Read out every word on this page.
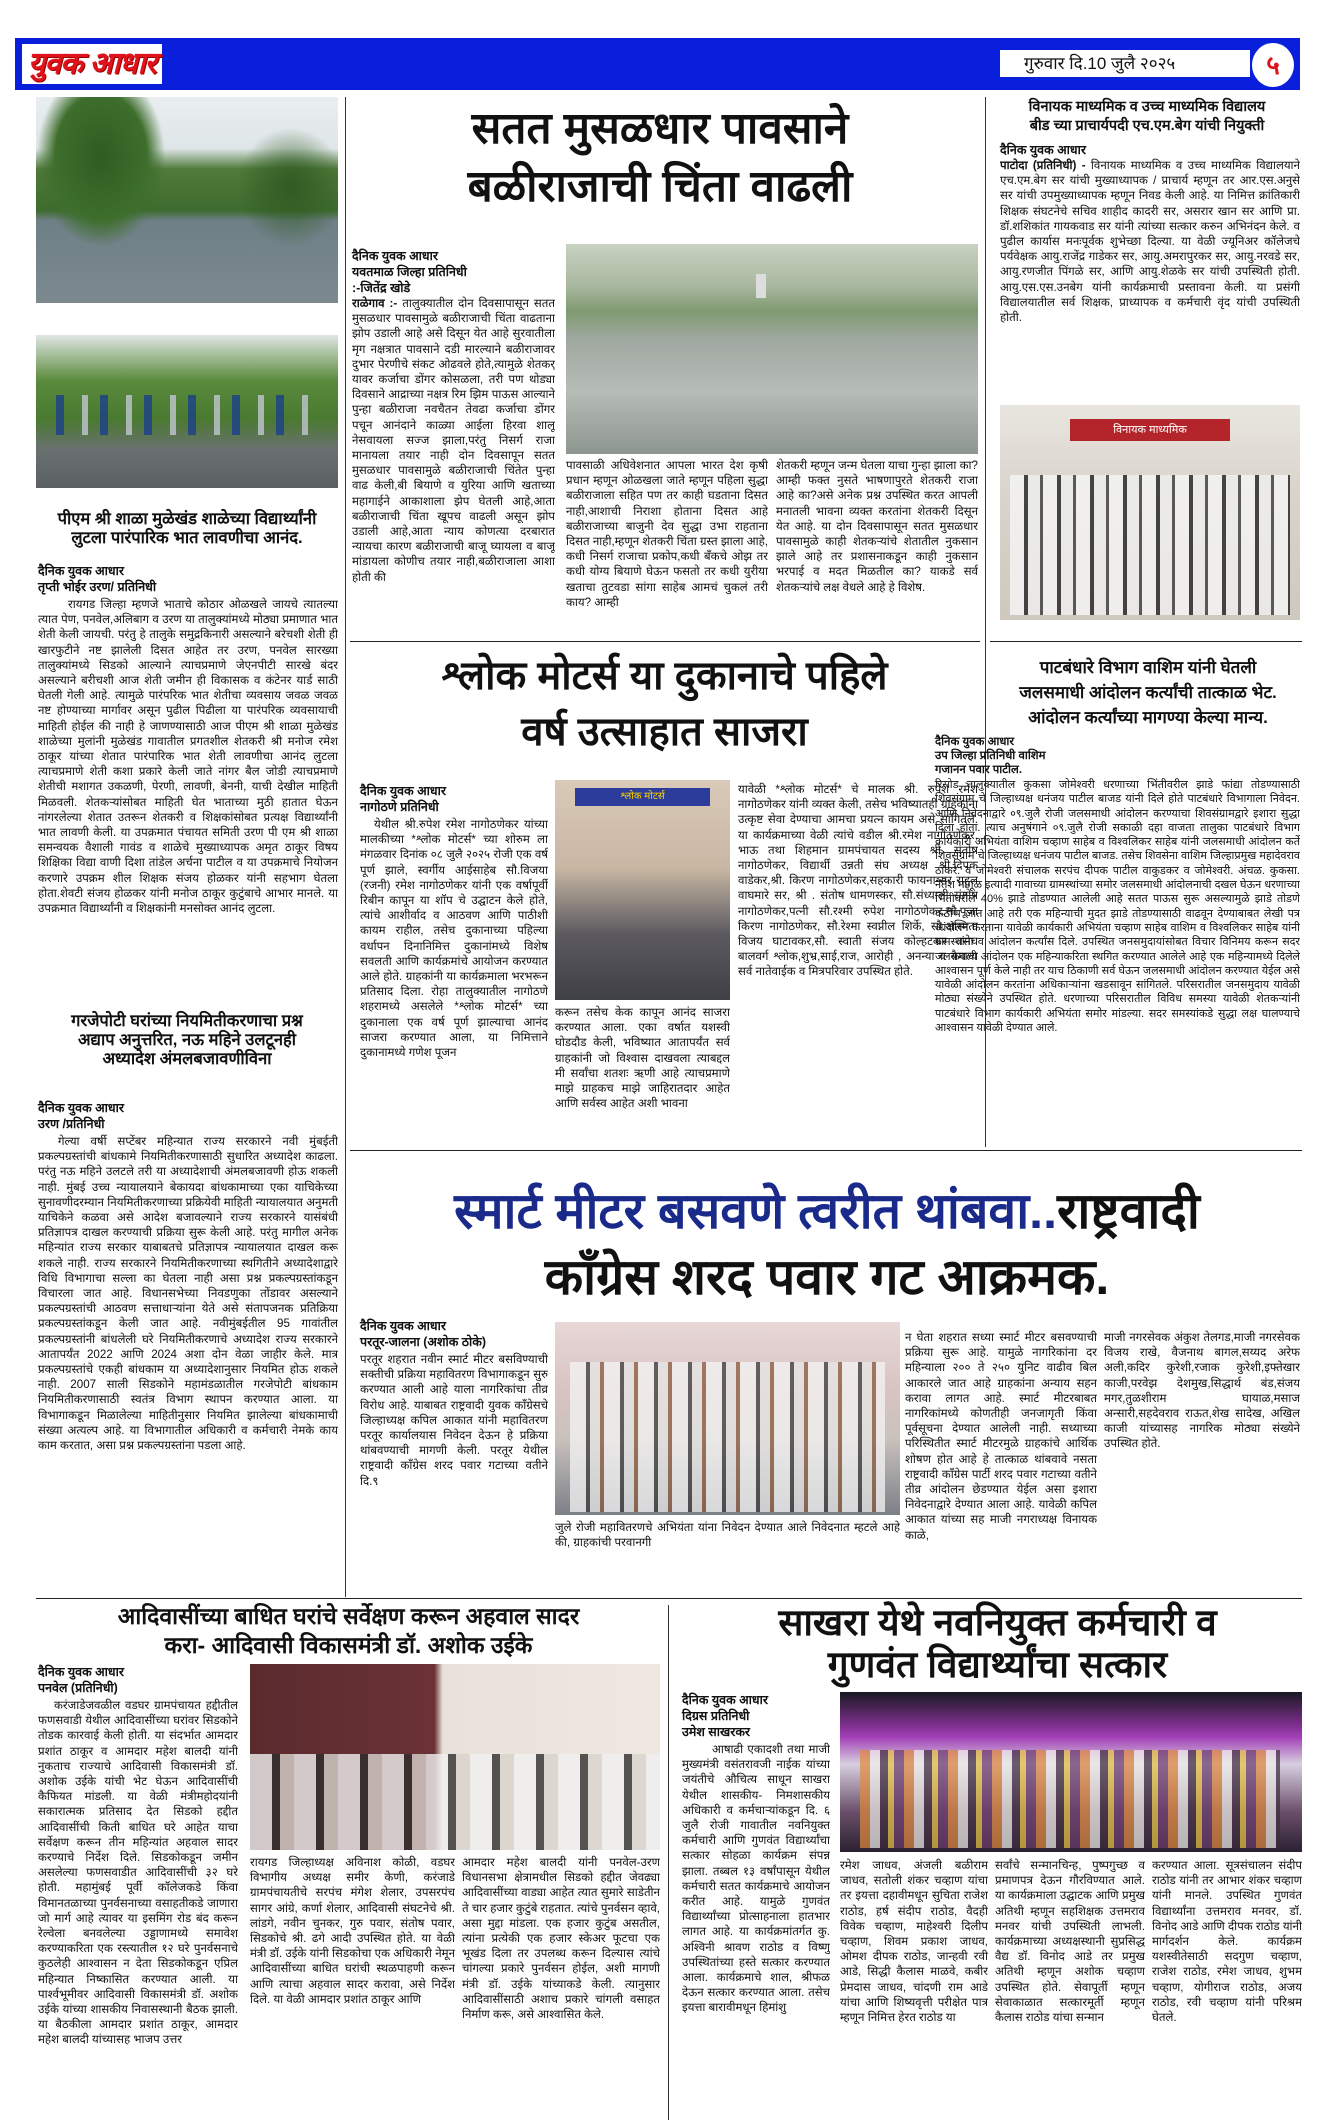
युवक आधार	गुरुवार दि.10 जुलै २०२५	५
पीएम श्री शाळा मुळेखंड शाळेच्या विद्यार्थ्यांनी
लुटला पारंपारिक भात लावणीचा आनंद.
दैनिक युवक आधार
तृप्ती भोईर उरण/ प्रतिनिधी
रायगड जिल्हा म्हणजे भाताचे कोठार ओळखले जायचे त्यातल्या त्यात पेण, पनवेल,अलिबाग व उरण या तालुक्यांमध्ये मोठ्या प्रमाणात भात शेती केली जायची. परंतु हे तालुके समुद्रकिनारी असल्याने बरेचशी शेती ही खारफुटीने नष्ट झालेली दिसत आहेत तर उरण, पनवेल सारख्या तालुक्यांमध्ये सिडको आल्याने त्याचप्रमाणे जेएनपीटी सारखे बंदर असल्याने बरीचशी आज शेती जमीन ही विकासक व कंटेनर यार्ड साठी घेतली गेली आहे. त्यामुळे पारंपरिक भात शेतीचा व्यवसाय जवळ जवळ नष्ट होण्याच्या मार्गावर असून पुढील पिढीला या पारंपरिक व्यवसायाची माहिती होईल की नाही हे जाणण्यासाठी आज पीएम श्री शाळा मुळेखंड शाळेच्या मुलांनी मुळेखंड गावातील प्रगतशील शेतकरी श्री मनोज रमेश ठाकूर यांच्या शेतात पारंपारिक भात शेती लावणीचा आनंद लुटला त्याचप्रमाणे शेती कशा प्रकारे केली जाते नांगर बैल जोडी त्याचप्रमाणे शेतीची मशागत उकळणी, पेरणी, लावणी, बेननी, याची देखील माहिती मिळवली. शेतकऱ्यांसोबत माहिती घेत भाताच्या मुठी हातात घेऊन नांगरलेल्या शेतात उतरून शेतकरी व शिक्षकांसोबत प्रत्यक्ष विद्यार्थ्यांनी भात लावणी केली. या उपक्रमात पंचायत समिती उरण पी एम श्री शाळा समन्वयक वैशाली गावंड व शाळेचे मुख्याध्यापक अमृत ठाकूर विषय शिक्षिका विद्या वाणी दिशा तांडेल अर्चना पाटील व या उपक्रमाचे नियोजन करणारे उपक्रम शील शिक्षक संजय होळकर यांनी सहभाग घेतला होता.शेवटी संजय होळकर यांनी मनोज ठाकूर कुटुंबाचे आभार मानले. या उपक्रमात विद्यार्थ्यांनी व शिक्षकांनी मनसोक्त आनंद लुटला.
गरजेपोटी घरांच्या नियमितीकरणाचा प्रश्न
अद्याप अनुत्तरित, नऊ महिने उलटूनही
अध्यादेश अंमलबजावणीविना
दैनिक युवक आधार
उरण /प्रतिनिधी
गेल्या वर्षी सप्टेंबर महिन्यात राज्य सरकारने नवी मुंबईती प्रकल्पग्रस्तांची बांधकामे नियमितीकरणासाठी सुधारित अध्यादेश काढला. परंतु नऊ महिने उलटले तरी या अध्यादेशाची अंमलबजावणी होऊ शकली नाही. मुंबई उच्च न्यायालयाने बेकायदा बांधकामाच्या एका याचिकेच्या सुनावणीदरम्यान नियमितीकरणाच्या प्रक्रियेवी माहिती न्यायालयात अनुमती याचिकेने कळवा असे आदेश बजावल्याने राज्य सरकारने यासंबंधी प्रतिज्ञापत्र दाखल करण्याची प्रक्रिया सुरू केली आहे. परंतु मागील अनेक महिन्यांत राज्य सरकार याबाबतचे प्रतिज्ञापत्र न्यायालयात दाखल करू शकले नाही. राज्य सरकारने नियमितीकरणाच्या स्थगितीने अध्यादेशाद्वारे विधि विभागाचा सल्ला का घेतला नाही असा प्रश्न प्रकल्पग्रस्तांकडून विचारला जात आहे. विधानसभेच्या निवडणुका तोंडावर असल्याने प्रकल्पग्रस्तांची आठवण सत्ताधाऱ्यांना येते असे संतापजनक प्रतिक्रिया प्रकल्पग्रस्तांकडून केली जात आहे. नवीमुंबईतील 95 गावांतील प्रकल्पग्रस्तांनी बांधलेली घरे नियमितीकरणाचे अध्यादेश राज्य सरकारने आतापर्यंत 2022 आणि 2024 अशा दोन वेळा जाहीर केले. मात्र प्रकल्पग्रस्तांचे एकही बांधकाम या अध्यादेशानुसार नियमित होऊ शकले नाही. 2007 साली सिडकोने महामंडळातील गरजेपोटी बांधकाम नियमितीकरणासाठी स्वतंत्र विभाग स्थापन करण्यात आला. या विभागाकडून मिळालेल्या माहितीनुसार नियमित झालेल्या बांधकामाची संख्या अत्यल्प आहे. या विभागातील अधिकारी व कर्मचारी नेमके काय काम करतात, असा प्रश्न प्रकल्पग्रस्तांना पडला आहे.
सतत मुसळधार पावसाने
बळीराजाची चिंता वाढली
दैनिक युवक आधार
यवतमाळ जिल्हा प्रतिनिधी
:-जितेंद्र खोडे
राळेगाव :- तालुक्यातील दोन दिवसापासून सतत मुसळधार पावसामुळे बळीराजाची चिंता वाढताना झोप उडाली आहे असे दिसून येत आहे सुरवातीला मृग नक्षत्रात पावसाने दडी मारल्याने बळीराजावर दुभार पेरणीचे संकट ओढवले होते,त्यामुळे शेतकर् यावर कर्जाचा डोंगर कोसळला, तरी पण थोड्या दिवसाने आद्राच्या नक्षत्र रिम झिम पाऊस आल्याने पुन्हा बळीराजा नवचैतन तेवढा कर्जाचा डोंगर पचून आनंदाने काळ्या आईला हिरवा शालू नेसवायला सज्ज झाला,परंतु निसर्ग राजा मानायला तयार नाही दोन दिवसापून सतत मुसळधार पावसामुळे बळीराजाची चिंतेत पुन्हा वाढ केली,बी बियाणे व युरिया आणि खताच्या महागाईने आकाशाला झेप घेतली आहे,आता बळीराजाची चिंता खूपच वाढली असून झोप उडाली आहे,आता न्याय कोणत्या दरबारात न्यायचा कारण बळीराजाची बाजू घ्यायला व बाजू मांडायला कोणीच तयार नाही,बळीराजाला आशा होती की
पावसाळी अधिवेशनात आपला भारत देश कृषी प्रधान म्हणून ओळखला जाते म्हणून पहिला सुद्धा बळीराजाला सहित पण तर काही घडताना दिसत नाही,आशाची निराशा होताना दिसत आहे बळीराजाच्या बाजुनी देव सुद्धा उभा राहताना दिसत नाही,म्हणून शेतकरी चिंता ग्रस्त झाला आहे, कधी निसर्ग राजाचा प्रकोप,कधी बँकचे ओझ तर कधी योग्य बियाणे घेऊन फसतो तर कधी युरीया खताचा तुटवडा सांगा साहेब आमचं चुकलं तरी काय? आम्ही
शेतकरी म्हणून जन्म घेतला याचा गुन्हा झाला का? आम्ही फक्त नुसते भाषणापुरते शेतकरी राजा आहे का?असे अनेक प्रश्न उपस्थित करत आपली मनातली भावना व्यक्त करतांना शेतकरी दिसून येत आहे. या दोन दिवसापासून सतत मुसळधार पावसामुळे काही शेतकऱ्यांचे शेतातील नुकसान झाले आहे तर प्रशासनाकडून काही नुकसान भरपाई व मदत मिळतील का? याकडे सर्व शेतकऱ्यांचे लक्ष वेधले आहे हे विशेष.
विनायक माध्यमिक व उच्च माध्यमिक विद्यालय
बीड च्या प्राचार्यपदी एच.एम.बेग यांची नियुक्ती
दैनिक युवक आधार
पाटोदा (प्रतिनिधी) - विनायक माध्यमिक व उच्च माध्यमिक विद्यालयाने एच.एम.बेग सर यांची मुख्याध्यापक / प्राचार्य म्हणून तर आर.एस.अनुसे सर यांची उपमुख्याध्यापक म्हणून निवड केली आहे. या निमित्त क्रांतिकारी शिक्षक संघटनेचे सचिव शाहीद कादरी सर, असरार खान सर आणि प्रा. डॉ.शशिकांत गायकवाड सर यांनी त्यांच्या सत्कार करुन अभिनंदन केले. व पुढील कार्यास मनःपूर्वक शुभेच्छा दिल्या. या वेळी ज्यूनिअर कॉलेजचे पर्यवेक्षक आयु.राजेंद्र गाडेकर सर, आयु.अमरापुरकर सर, आयु.नरवडे सर, आयु.रणजीत पिंगळे सर, आणि आयु.शेळके सर यांची उपस्थिती होती. आयु.एस.एस.उनबेग यांनी कार्यक्रमाची प्रस्तावना केली. या प्रसंगी विद्यालयातील सर्व शिक्षक, प्राध्यापक व कर्मचारी वृंद यांची उपस्थिती होती.
विनायक माध्यमिक
श्लोक मोटर्स या दुकानाचे पहिले
वर्ष उत्साहात साजरा
दैनिक युवक आधार
नागोठणे प्रतिनिधी
येथील श्री.रुपेश रमेश नागोठणेकर यांच्या मालकीच्या *श्लोक मोटर्स* च्या शोरुम ला मंगळवार दिनांक ०८ जुलै २०२५ रोजी एक वर्ष पूर्ण झाले, स्वर्गीय आईसाहेब सौ.विजया (रजनी) रमेश नागोठणेकर यांनी एक वर्षापूर्वी रिबीन कापून या शॉप चे उद्घाटन केले होते, त्यांचे आशीर्वाद व आठवण आणि पाठीशी कायम राहील, तसेच दुकानाच्या पहिल्या वर्धापन दिनानिमित्त दुकानांमध्ये विशेष सवलती आणि कार्यक्रमांचे आयोजन करण्यात आले होते. ग्राहकांनी या कार्यक्रमाला भरभरून प्रतिसाद दिला. रोहा तालुक्यातील नागोठणे शहरामध्ये असलेले *श्लोक मोटर्स* च्या दुकानाला एक वर्ष पूर्ण झाल्याचा आनंद साजरा करण्यात आला, या निमित्ताने दुकानामध्ये गणेश पूजन
श्लोक मोटर्स
करून तसेच केक कापून आनंद साजरा करण्यात आला. एका वर्षात यशस्वी घोडदौड केली, भविष्यात आतापर्यंत सर्व ग्राहकांनी जो विश्वास दाखवला त्याबद्दल मी सर्वांचा शतशः ऋणी आहे त्याचप्रमाणे माझे ग्राहकच माझे जाहिरातदार आहेत आणि सर्वस्व आहेत अशी भावना
यावेळी *श्लोक मोटर्स* चे मालक श्री. रुपेश रमेश नागोठणेकर यांनी व्यक्त केली, तसेच भविष्यातही ग्राहकांना उत्कृष्ट सेवा देण्याचा आमचा प्रयत्न कायम असे सांगितले. या कार्यक्रमाच्या वेळी त्यांचे वडील श्री.रमेश नागोठणेकर, भाऊ तथा शिहमान ग्रामपंचायत सदस्य श्री. संतोष नागोठणेकर, विद्यार्थी उन्नती संघ अध्यक्ष श्री.दिपक वाडेकर,श्री. किरण नागोठणेकर,सहकारी फायनान्सर राहुल वाघमारे सर, श्री . संतोष धामणस्कर, सौ.संध्याली संतोष नागोठणेकर,पत्नी सौ.रश्मी रुपेश नागोठणेकर,सौ.पूजा किरण नागोठणेकर, सौ.रेश्मा स्वप्नील शिर्के, सौ.अस्मिता विजय घाटावकर,सौ. स्वाती संजय कोल्हटकर तसेच बालवर्ग श्लोक,शुभ्र,साई,राज, आरोही , अनन्या व कैवल्य सर्व नातेवाईक व मित्रपरिवार उपस्थित होते.
पाटबंधारे विभाग वाशिम यांनी घेतली
जलसमाधी आंदोलन कर्त्यांची तात्काळ भेट.
आंदोलन कर्त्यांच्या मागण्या केल्या मान्य.
दैनिक युवक आधार
उप जिल्हा प्रतिनिधी वाशिम
गजानन पवार पाटील.
रिसोड तालुक्यातील कुकसा जोमेश्वरी धरणाच्या भिंतीवरील झाडे फांद्या तोडण्यासाठी शिवसंग्राम चे जिल्हाध्यक्ष धनंजय पाटील बाजड यांनी दिले होते पाटबंधारे विभागाला निवेदन. आणि निवेदनाद्वारे ०९.जुलै रोजी जलसमाधी आंदोलन करण्याचा शिवसंग्रामद्वारे इशारा सुद्धा दिला होता. त्याच अनुषंगाने ०९.जुलै रोजी सकाळी दहा वाजता तालुका पाटबंधारे विभाग कार्यकारी अभियंता वाशिम चव्हाण साहेब व विश्वलिकर साहेब यांनी जलसमाधी आंदोलन कर्ते शिवसंग्राम चे जिल्हाध्यक्ष धनंजय पाटील बाजड. तसेच शिवसेना वाशिम जिल्हाप्रमुख महादेवराव ठाकरे. व जोमेश्वरी संचालक सरपंच दीपक पाटील वाकुडकर व जोमेश्वरी. अंचळ. कुकसा. नेतेश मांगूळ इत्यादी गावाच्या ग्रामस्थांच्या समोर जलसमाधी आंदोलनाची दखल घेऊन धरणाच्या भिंतीवरील 40% झाडे तोडण्यात आलेली आहे सतत पाऊस सुरू असल्यामुळे झाडे तोडणे कठीण जात आहे तरी एक महिन्याची मुदत झाडे तोडण्यासाठी वाढवून देण्याबाबत लेखी पत्र आंदोलन करताना यावेळी कार्यकारी अभियंता चव्हाण साहेब वाशिम व विश्वलिकर साहेब यांनी ग्रामस्थांना व आंदोलन कर्त्यांस दिले. उपस्थित जनसमुदायांसोबत विचार विनिमय करून सदर जलसमाधी आंदोलन एक महिन्याकरिता स्थगित करण्यात आलेले आहे एक महिन्यामध्ये दिलेले आश्वासन पूर्ण केले नाही तर याच ठिकाणी सर्व घेऊन जलसमाधी आंदोलन करण्यात येईल असे यावेळी आंदोलन करतांना अधिकाऱ्यांना खडसावून सांगितले. परिसरातील जनसमुदाय यावेळी मोठ्या संख्येने उपस्थित होते. धरणाच्या परिसरातील विविध समस्या यावेळी शेतकऱ्यांनी पाटबंधारे विभाग कार्यकारी अभियंता समोर मांडल्या. सदर समस्यांकडे सुद्धा लक्ष घालण्याचे आश्वासन यावेळी देण्यात आले.
स्मार्ट मीटर बसवणे त्वरीत थांबवा..राष्ट्रवादी
काँग्रेस शरद पवार गट आक्रमक.
दैनिक युवक आधार
परतूर-जालना (अशोक ठोके)
परतूर शहरात नवीन स्मार्ट मीटर बसविण्याची सक्तीची प्रक्रिया महावितरण विभागाकडून सुरु करण्यात आली आहे याला नागरिकांचा तीव्र विरोध आहे. याबाबत राष्ट्रवादी युवक काँग्रेसचे जिल्हाध्यक्ष कपिल आकात यांनी महावितरण परतूर कार्यालयास निवेदन देऊन हे प्रक्रिया थांबवण्याची मागणी केली. परतूर येथील राष्ट्रवादी काँग्रेस शरद पवार गटाच्या वतीने दि.९
जुले रोजी महावितरणचे अभियंता यांना निवेदन देण्यात आले निवेदनात म्हटले आहे की, ग्राहकांची परवानगी
न घेता शहरात सध्या स्मार्ट मीटर बसवण्याची प्रक्रिया सुरू आहे. यामुळे नागरिकांना दर महिन्याला २०० ते २५० युनिट वाढीव बिल आकारले जात आहे ग्राहकांना अन्याय सहन करावा लागत आहे. स्मार्ट मीटरबाबत नागरिकांमध्ये कोणतीही जनजागृती किंवा पूर्वसूचना देण्यात आलेली नाही. सध्याच्या परिस्थितीत स्मार्ट मीटरमुळे ग्राहकांचे आर्थिक शोषण होत आहे हे तात्काळ थांबवावे नसता राष्ट्रवादी काँग्रेस पार्टी शरद पवार गटाच्या वतीने तीव्र आंदोलन छेडण्यात येईल असा इशारा निवेदनाद्वारे देण्यात आला आहे. यावेळी कपिल आकात यांच्या सह माजी नगराध्यक्ष विनायक काळे,
माजी नगरसेवक अंकुश तेलगड,माजी नगरसेवक विजय राखे, वैजनाथ बागल,सय्यद अरेफ अली,कदिर कुरेशी,रजाक कुरेशी,इफ्तेखार काजी,परवेझ देशमुख,सिद्धार्थ बंड,संजय मगर,तुळशीराम घायाळ,मसाज अन्सारी,सहदेवराव राऊत,शेख सादेख, अखिल काजी यांच्यासह नागरिक मोठ्या संख्येने उपस्थित होते.
आदिवासींच्या बाधित घरांचे सर्वेक्षण करून अहवाल सादर
करा- आदिवासी विकासमंत्री डॉ. अशोक उईके
दैनिक युवक आधार
पनवेल (प्रतिनिधी)
करंजाडेजवळील वडघर ग्रामपंचायत हद्दीतील फणसवाडी येथील आदिवासींच्या घरांवर सिडकोने तोडक कारवाई केली होती. या संदर्भात आमदार प्रशांत ठाकूर व आमदार महेश बालदी यांनी नुकताच राज्याचे आदिवासी विकासमंत्री डॉ. अशोक उईके यांची भेट घेऊन आदिवासींची कैफियत मांडली. या वेळी मंत्रीमहोदयांनी सकारात्मक प्रतिसाद देत सिडको हद्दीत आदिवासींची किती बाधित घरे आहेत याचा सर्वेक्षण करून तीन महिन्यांत अहवाल सादर करण्याचे निर्देश दिले. सिडकोकडून जमीन असलेल्या फणसवाडीत आदिवासींची ३२ घरे होती. महामुंबई पूर्वी कॉलेजकडे किंवा विमानतळाच्या पुनर्वसनाच्या वसाहतीकडे जाणारा जो मार्ग आहे त्यावर या इसमिंग रोड बंद करून रेल्वेला बनवलेल्या उड्डाणामध्ये समावेश करण्याकरिता एक रस्त्यातील १२ घरे पुनर्वसनाचे कुठलेही आश्वासन न देता सिडकोकडून एप्रिल महिन्यात निष्कासित करण्यात आली. या पार्श्वभूमीवर आदिवासी विकासमंत्री डॉ. अशोक उईके यांच्या शासकीय निवासस्थानी बैठक झाली. या बैठकीला आमदार प्रशांत ठाकूर, आमदार महेश बालदी यांच्यासह भाजप उत्तर
रायगड जिल्हाध्यक्ष अविनाश कोळी, वडघर विभागीय अध्यक्ष समीर केणी, करंजाडे ग्रामपंचायतीचे सरपंच मंगेश शेलार, उपसरपंच सागर आंग्रे, कर्णा शेलार, आदिवासी संघटनेचे श्री. लांडगे, नवीन चुनकर, गुरु पवार, संतोष पवार, सिडकोचे श्री. ढगे आदी उपस्थित होते. या वेळी मंत्री डॉ. उईके यांनी सिडकोचा एक अधिकारी नेमून आदिवासींच्या बाधित घरांची स्थळपाहणी करून आणि त्याचा अहवाल सादर करावा, असे निर्देश दिले. या वेळी आमदार प्रशांत ठाकूर आणि
आमदार महेश बालदी यांनी पनवेल-उरण विधानसभा क्षेत्रामधील सिडको हद्दीत जेवढ्या आदिवासींच्या वाड्या आहेत त्यात सुमारे साडेतीन ते चार हजार कुटुंबे राहतात. त्यांचे पुनर्वसन व्हावे, असा मुद्दा मांडला. एक हजार कुटुंब असतील, त्यांना प्रत्येकी एक हजार स्केअर फूटचा एक भूखंड दिला तर उपलब्ध करून दिल्यास त्यांचे चांगल्या प्रकारे पुनर्वसन होईल, अशी मागणी मंत्री डॉ. उईके यांच्याकडे केली. त्यानुसार आदिवासींसाठी अशाच प्रकारे चांगली वसाहत निर्माण करू, असे आश्वासित केले.
साखरा येथे नवनियुक्त कर्मचारी व
गुणवंत विद्यार्थ्यांचा सत्कार
दैनिक युवक आधार
दिग्रस प्रतिनिधी
उमेश साखरकर
आषाढी एकादशी तथा माजी मुख्यमंत्री वसंतरावजी नाईक यांच्या जयंतीचे औचित्य साधून साखरा येथील शासकीय- निमशासकीय अधिकारी व कर्मचाऱ्यांकडून दि. ६ जुलै रोजी गावातील नवनियुक्त कर्मचारी आणि गुणवंत विद्यार्थ्यांचा सत्कार सोहळा कार्यक्रम संपन्न झाला. तब्बल १३ वर्षांपासून येथील कर्मचारी सतत कार्यक्रमाचे आयोजन करीत आहे. यामुळे गुणवंत विद्यार्थ्यांच्या प्रोत्साहनाला हातभार लागत आहे. या कार्यक्रमांतर्गत कु. अश्विनी श्रावण राठोड व विष्णु उपस्थितांच्या हस्ते सत्कार करण्यात आला. कार्यक्रमाचे शाल, श्रीफळ देऊन सत्कार करण्यात आला. तसेच इयत्ता बारावीमधून हिमांशु
रमेश जाधव, अंजली बळीराम जाधव, सतोली शंकर चव्हाण यांचा तर इयत्ता दहावीमधून सुचिता राजेश राठोड, हर्ष संदीप राठोड, वैदही विवेक चव्हाण, माहेश्वरी दिलीप चव्हाण, शिवम प्रकाश जाधव, ओमश दीपक राठोड, जान्हवी रवी आडे, सिद्धी कैलास माळवे, कबीर प्रेमदास जाधव, चांदणी राम आडे यांचा आणि शिष्यवृत्ती परीक्षेत पात्र म्हणून निमित्त हेरत राठोड या
सर्वांचे सन्मानचिन्ह, पुष्पगुच्छ व प्रमाणपत्र देऊन गौरविण्यात आले. या कार्यक्रमाला उद्घाटक आणि प्रमुख अतिथी म्हणून सहशिक्षक उत्तमराव मनवर यांची उपस्थिती लाभली. कार्यक्रमाच्या अध्यक्षस्थानी सुप्रसिद्ध वैद्य डॉ. विनोद आडे तर प्रमुख अतिथी म्हणून अशोक चव्हाण उपस्थित होते. सेवापूर्ती म्हणून सेवाकाळात सत्कारमूर्ती म्हणून कैलास राठोड यांचा सन्मान
करण्यात आला. सूत्रसंचालन संदीप राठोड यांनी तर आभार शंकर चव्हाण यांनी मानले. उपस्थित गुणवंत विद्यार्थ्यांना उत्तमराव मनवर, डॉ. विनोद आडे आणि दीपक राठोड यांनी मार्गदर्शन केले. कार्यक्रम यशस्वीतेसाठी सदगुण चव्हाण, राजेश राठोड, रमेश जाधव, शुभम चव्हाण, योगीराज राठोड, अजय राठोड, रवी चव्हाण यांनी परिश्रम घेतले.
